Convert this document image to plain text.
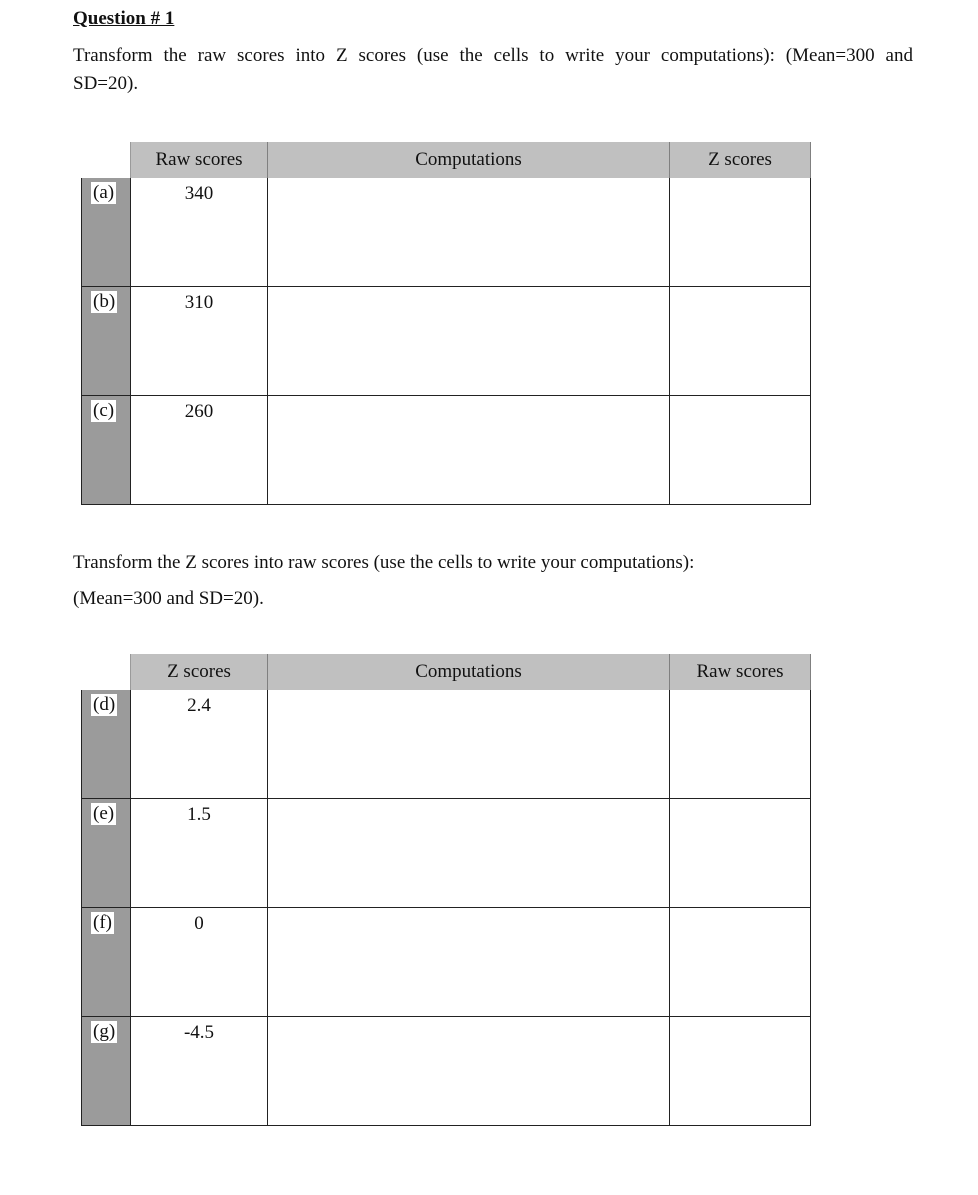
Question # 1

Transform the raw scores into Z scores (use the cells to write your computations): (Mean=300 and
SD=20).

	Raw scores	Computations	Z scores
(a)	340		
(b)	310		
(c)	260		

Transform the Z scores into raw scores (use the cells to write your computations):
(Mean=300 and SD=20).

	Z scores	Computations	Raw scores
(d)	2.4		
(e)	1.5		
(f)	0		
(g)	-4.5		
